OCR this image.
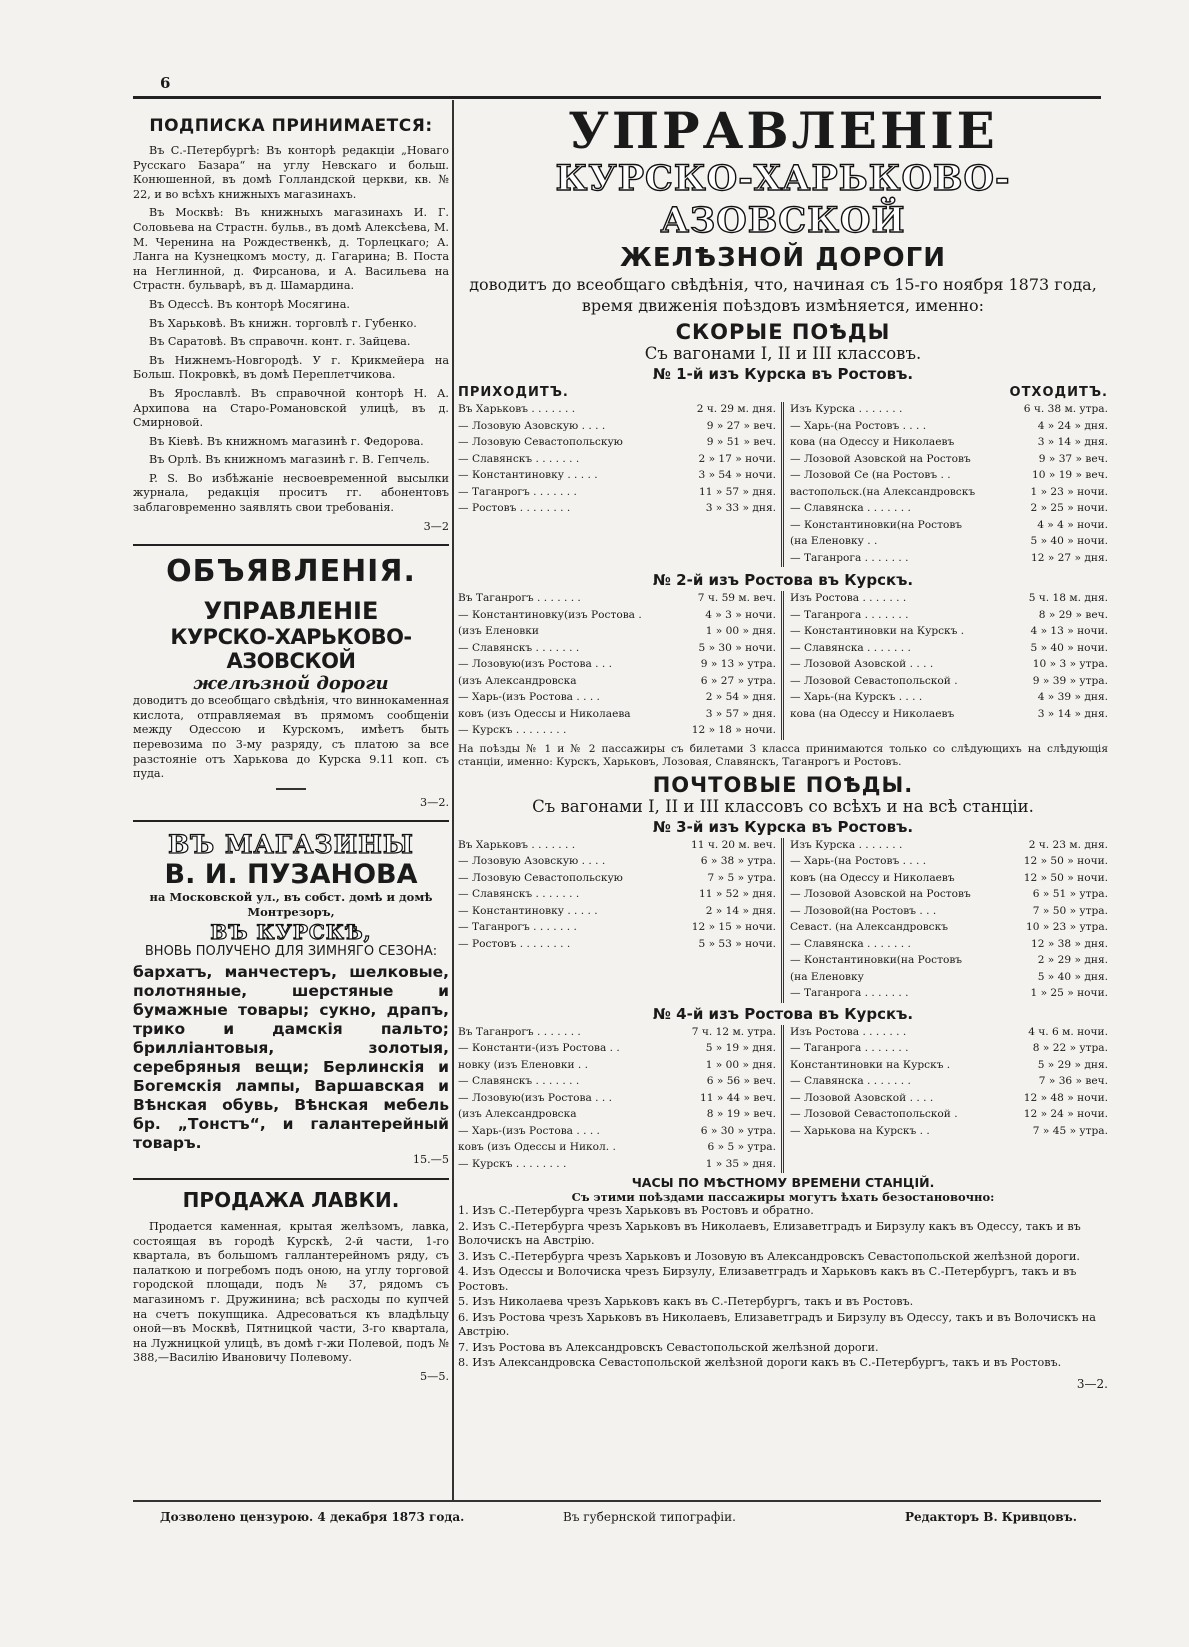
6
ПОДПИСКА ПРИНИМАЕТСЯ:
Въ С.-Петербургѣ: Въ конторѣ редакціи „Новаго Русскаго Базара“ на углу Невскаго и больш. Конюшенной, въ домѣ Голландской церкви, кв. № 22, и во всѣхъ книжныхъ магазинахъ.
Въ Москвѣ: Въ книжныхъ магазинахъ И. Г. Соловьева на Страстн. бульв., въ домѣ Алексѣева, М. М. Черенина на Рождественкѣ, д. Торлецкаго; А. Ланга на Кузнецкомъ мосту, д. Гагарина; В. Поста на Неглинной, д. Фирсанова, и А. Васильева на Страстн. бульварѣ, въ д. Шамардина.
Въ Одессѣ. Въ конторѣ Мосягина.
Въ Харьковѣ. Въ книжн. торговлѣ г. Губенко.
Въ Саратовѣ. Въ справочн. конт. г. Зайцева.
Въ Нижнемъ-Новгородѣ. У г. Крикмейера на Больш. Покровкѣ, въ домѣ Переплетчикова.
Въ Ярославлѣ. Въ справочной конторѣ Н. А. Архипова на Старо-Романовской улицѣ, въ д. Смирновой.
Въ Кіевѣ. Въ книжномъ магазинѣ г. Федорова.
Въ Орлѣ. Въ книжномъ магазинѣ г. В. Гепчель.
P. S. Во избѣжаніе несвоевременной высылки журнала, редакція проситъ гг. абонентовъ заблаговременно заявлять свои требованія.
3—2
ОБЪЯВЛЕНІЯ.
УПРАВЛЕНІЕ
КУРСКО-ХАРЬКОВО-АЗОВСКОЙ
желѣзной дороги
доводитъ до всеобщаго свѣдѣнія, что виннокаменная кислота, отправляемая въ прямомъ сообщеніи между Одессою и Курскомъ, имѣетъ быть перевозима по 3-му разряду, съ платою за все разстояніе отъ Харькова до Курска 9.11 коп. съ пуда.
3—2.
ВЪ МАГАЗИНЫ
В. И. ПУЗАНОВА
на Московской ул., въ собст. домѣ и домѣ Монтрезоръ,
ВЪ КУРСКѢ,
ВНОВЬ ПОЛУЧЕНО ДЛЯ ЗИМНЯГО СЕЗОНА:
бархатъ, манчестеръ, шелковые, полотняные, шерстяные и бумажные товары; сукно, драпъ, трико и дамскія пальто; брилліантовыя, золотыя, серебряныя вещи; Берлинскія и Богемскія лампы, Варшавская и Вѣнская обувь, Вѣнская мебель бр. „Тонстъ“, и галантерейный товаръ.
15.—5
ПРОДАЖА ЛАВКИ.
Продается каменная, крытая желѣзомъ, лавка, состоящая въ городѣ Курскѣ, 2-й части, 1-го квартала, въ большомъ галлантерейномъ ряду, съ палаткою и погребомъ подъ оною, на углу торговой городской площади, подъ № 37, рядомъ съ магазиномъ г. Дружинина; всѣ расходы по купчей на счетъ покупщика. Адресоваться къ владѣльцу оной—въ Москвѣ, Пятницкой части, 3-го квартала, на Лужницкой улицѣ, въ домѣ г-жи Полевой, подъ № 388,—Василію Ивановичу Полевому.
5—5.
УПРАВЛЕНІЕ
КУРСКО-ХАРЬКОВО-АЗОВСКОЙ
ЖЕЛѢЗНОЙ ДОРОГИ
доводитъ до всеобщаго свѣдѣнія, что, начиная съ 15-го ноября 1873 года, время движенія поѣздовъ измѣняется, именно:
СКОРЫЕ ПОѢДЫ
Съ вагонами I, II и III классовъ.
№ 1-й изъ Курска въ Ростовъ.
ПРИХОДИТЪ.	ОТХОДИТЪ.
Въ Харьковъ . . . . . . .	2 ч. 29 м. дня.
— Лозовую Азовскую . . . .	9 » 27 » веч.
— Лозовую Севастопольскую	9 » 51 » веч.
— Славянскъ . . . . . . .	2 » 17 » ночи.
— Константиновку . . . . .	3 » 54 » ночи.
— Таганрогъ . . . . . . .	11 » 57 » дня.
— Ростовъ . . . . . . . .	3 » 33 » дня.
Изъ Курска . . . . . . .	6 ч. 38 м. утра.
— Харь-(на Ростовъ . . . .	4 » 24 » дня.
ковa (на Одессу и Николаевъ	3 » 14 » дня.
— Лозовой Азовской на Ростовъ	9 » 37 » веч.
— Лозовой Се (на Ростовъ . .	10 » 19 » веч.
вастопольск.(на Александровскъ	1 » 23 » ночи.
— Славянска . . . . . . .	2 » 25 » ночи.
— Константиновки(на Ростовъ	4 » 4 » ночи.
(на Еленовку . .	5 » 40 » ночи.
— Таганрога . . . . . . .	12 » 27 » дня.
№ 2-й изъ Ростова въ Курскъ.
Въ Таганрогъ . . . . . . .	7 ч. 59 м. веч.
— Константиновку(изъ Ростова .	4 » 3 » ночи.
(изъ Еленовки	1 » 00 » дня.
— Славянскъ . . . . . . .	5 » 30 » ночи.
— Лозовую(изъ Ростова . . .	9 » 13 » утра.
(изъ Александровска	6 » 27 » утра.
— Харь-(изъ Ростова . . . .	2 » 54 » дня.
ковъ (изъ Одессы и Николаева	3 » 57 » дня.
— Курскъ . . . . . . . .	12 » 18 » ночи.
Изъ Ростова . . . . . . .	5 ч. 18 м. дня.
— Таганрога . . . . . . .	8 » 29 » веч.
— Константиновки на Курскъ .	4 » 13 » ночи.
— Славянска . . . . . . .	5 » 40 » ночи.
— Лозовой Азовской . . . .	10 » 3 » утра.
— Лозовой Севастопольской .	9 » 39 » утра.
— Харь-(на Курскъ . . . .	4 » 39 » дня.
кова (на Одессу и Николаевъ	3 » 14 » дня.
На поѣзды № 1 и № 2 пассажиры съ билетами 3 класса принимаются только со слѣдующихъ на слѣдующія станціи, именно: Курскъ, Харьковъ, Лозовая, Славянскъ, Таганрогъ и Ростовъ.
ПОЧТОВЫЕ ПОѢДЫ.
Съ вагонами I, II и III классовъ со всѣхъ и на всѣ станціи.
№ 3-й изъ Курска въ Ростовъ.
Въ Харьковъ . . . . . . .	11 ч. 20 м. веч.
— Лозовую Азовскую . . . .	6 » 38 » утра.
— Лозовую Севастопольскую	7 » 5 » утра.
— Славянскъ . . . . . . .	11 » 52 » дня.
— Константиновку . . . . .	2 » 14 » дня.
— Таганрогъ . . . . . . .	12 » 15 » ночи.
— Ростовъ . . . . . . . .	5 » 53 » ночи.
Изъ Курска . . . . . . .	2 ч. 23 м. дня.
— Харь-(на Ростовъ . . . .	12 » 50 » ночи.
ковъ (на Одессу и Николаевъ	12 » 50 » ночи.
— Лозовой Азовской на Ростовъ	6 » 51 » утра.
— Лозовой(на Ростовъ . . .	7 » 50 » утра.
Севаст. (на Александровскъ	10 » 23 » утра.
— Славянска . . . . . . .	12 » 38 » дня.
— Константиновки(на Ростовъ	2 » 29 » дня.
(на Еленовку	5 » 40 » дня.
— Таганрога . . . . . . .	1 » 25 » ночи.
№ 4-й изъ Ростова въ Курскъ.
Въ Таганрогъ . . . . . . .	7 ч. 12 м. утра.
— Константи-(изъ Ростова . .	5 » 19 » дня.
новку (изъ Еленовки . .	1 » 00 » дня.
— Славянскъ . . . . . . .	6 » 56 » веч.
— Лозовую(изъ Ростова . . .	11 » 44 » веч.
(изъ Александровска	8 » 19 » веч.
— Харь-(изъ Ростова . . . .	6 » 30 » утра.
ковъ (изъ Одессы и Никол. .	6 » 5 » утра.
— Курскъ . . . . . . . .	1 » 35 » дня.
Изъ Ростова . . . . . . .	4 ч. 6 м. ночи.
— Таганрога . . . . . . .	8 » 22 » утра.
Константиновки на Курскъ .	5 » 29 » дня.
— Славянска . . . . . . .	7 » 36 » веч.
— Лозовой Азовской . . . .	12 » 48 » ночи.
— Лозовой Севастопольской .	12 » 24 » ночи.
— Харькова на Курскъ . .	7 » 45 » утра.
ЧАСЫ ПО МѢСТНОМУ ВРЕМЕНИ СТАНЦІЙ.
Съ этими поѣздами пассажиры могутъ ѣхать безостановочно:
1. Изъ С.-Петербурга чрезъ Харьковъ въ Ростовъ и обратно.
2. Изъ С.-Петербурга чрезъ Харьковъ въ Николаевъ, Елизаветградъ и Бирзулу какъ въ Одессу, такъ и въ Волочискъ на Австрію.
3. Изъ С.-Петербурга чрезъ Харьковъ и Лозовую въ Александровскъ Севастопольской желѣзной дороги.
4. Изъ Одессы и Волочиска чрезъ Бирзулу, Елизаветградъ и Харьковъ какъ въ С.-Петербургъ, такъ и въ Ростовъ.
5. Изъ Николаева чрезъ Харьковъ какъ въ С.-Петербургъ, такъ и въ Ростовъ.
6. Изъ Ростова чрезъ Харьковъ въ Николаевъ, Елизаветградъ и Бирзулу въ Одессу, такъ и въ Волочискъ на Австрію.
7. Изъ Ростова въ Александровскъ Севастопольской желѣзной дороги.
8. Изъ Александровска Севастопольской желѣзной дороги какъ въ С.-Петербургъ, такъ и въ Ростовъ.
3—2.
Дозволено цензурою. 4 декабря 1873 года.	Въ губернской типографіи.	Редакторъ В. Кривцовъ.
